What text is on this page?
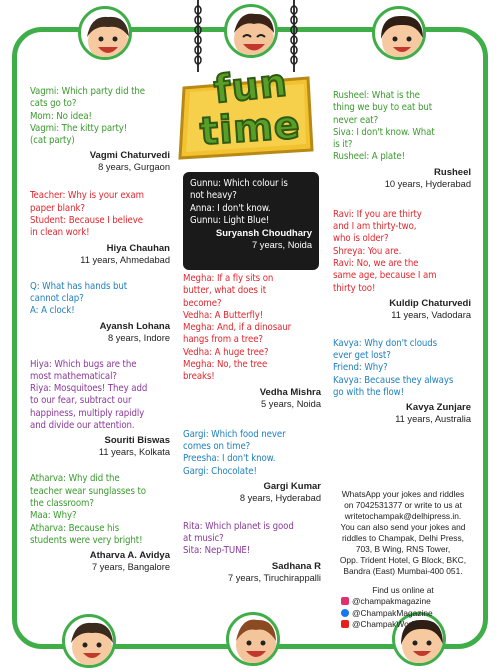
fun
time
Vagmi: Which party did the
cats go to?
Mom: No idea!
Vagmi: The kitty party!
(cat party)
Vagmi Chaturvedi
8 years, Gurgaon
Teacher: Why is your exam
paper blank?
Student: Because I believe
in clean work!
Hiya Chauhan
11 years, Ahmedabad
Q: What has hands but
cannot clap?
A: A clock!
Ayansh Lohana
8 years, Indore
Hiya: Which bugs are the
most mathematical?
Riya: Mosquitoes! They add
to our fear, subtract our
happiness, multiply rapidly
and divide our attention.
Souriti Biswas
11 years, Kolkata
Atharva: Why did the
teacher wear sunglasses to
the classroom?
Maa: Why?
Atharva: Because his
students were very bright!
Atharva A. Avidya
7 years, Bangalore
Gunnu: Which colour is
not heavy?
Anna: I don't know.
Gunnu: Light Blue!
Suryansh Choudhary
7 years, Noida
Megha: If a fly sits on
butter, what does it
become?
Vedha: A Butterfly!
Megha: And, if a dinosaur
hangs from a tree?
Vedha: A huge tree?
Megha: No, the tree
breaks!
Vedha Mishra
5 years, Noida
Gargi: Which food never
comes on time?
Preesha: I don't know.
Gargi: Chocolate!
Gargi Kumar
8 years, Hyderabad
Rita: Which planet is good
at music?
Sita: Nep-TUNE!
Sadhana R
7 years, Tiruchirappalli
Rusheel: What is the
thing we buy to eat but
never eat?
Siva: I don't know. What
is it?
Rusheel: A plate!
Rusheel
10 years, Hyderabad
Ravi: If you are thirty
and I am thirty-two,
who is older?
Shreya: You are.
Ravi: No, we are the
same age, because I am
thirty too!
Kuldip Chaturvedi
11 years, Vadodara
Kavya: Why don't clouds
ever get lost?
Friend: Why?
Kavya: Because they always
go with the flow!
Kavya Zunjare
11 years, Australia
WhatsApp your jokes and riddles
on 7042531377 or write to us at
writetochampak@delhipress.in.
You can also send your jokes and
riddles to Champak, Delhi Press,
703, B Wing, RNS Tower,
Opp. Trident Hotel, G Block, BKC,
Bandra (East) Mumbai-400 051.
Find us online at
@champakmagazine
@ChampakMagazine
@ChampakWorld
